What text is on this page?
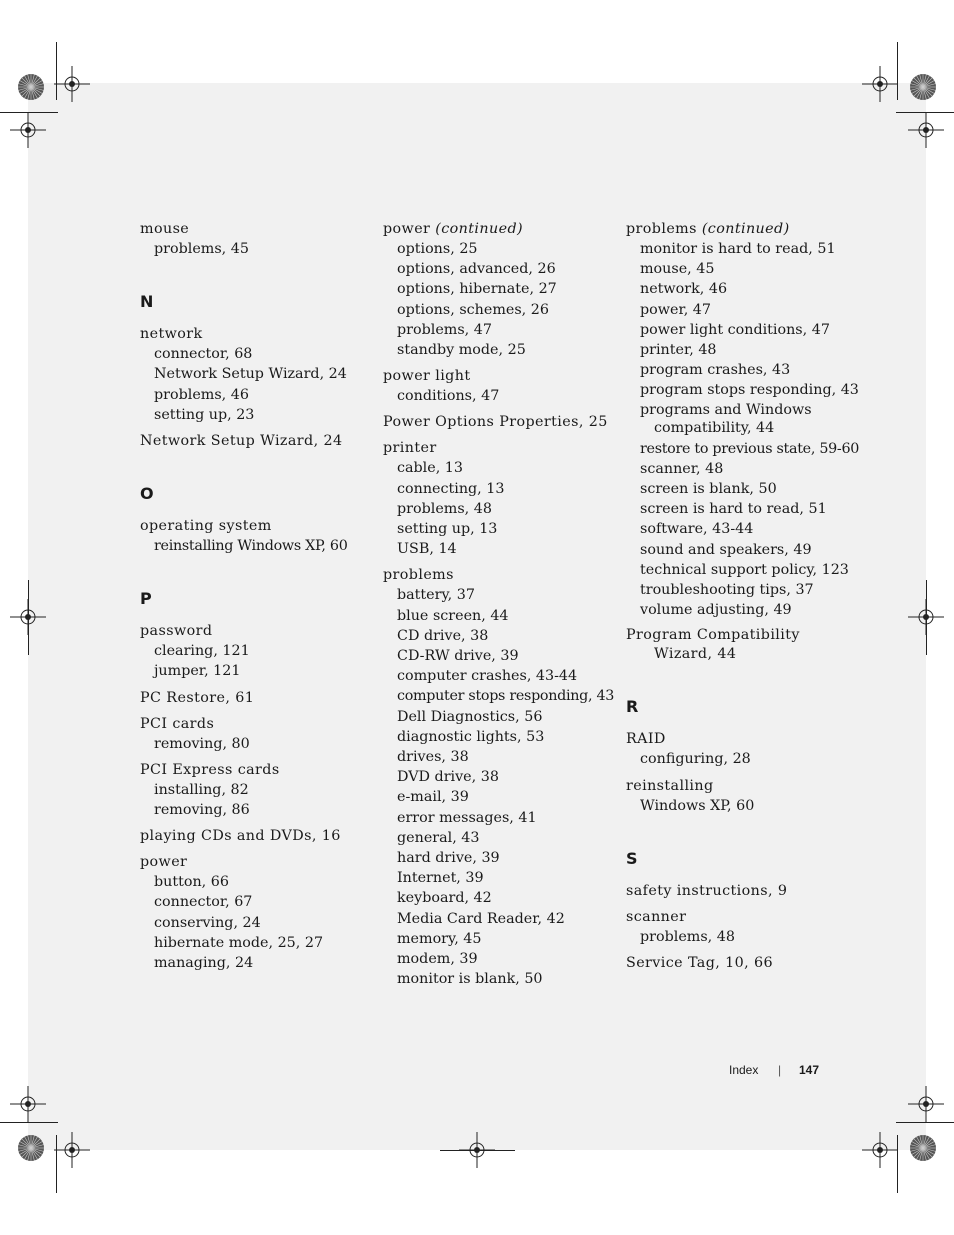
mouse
problems, 45
N
network
connector, 68
Network Setup Wizard, 24
problems, 46
setting up, 23
Network Setup Wizard, 24
O
operating system
reinstalling Windows XP, 60
P
password
clearing, 121
jumper, 121
PC Restore, 61
PCI cards
removing, 80
PCI Express cards
installing, 82
removing, 86
playing CDs and DVDs, 16
power
button, 66
connector, 67
conserving, 24
hibernate mode, 25, 27
managing, 24
power (continued)
options, 25
options, advanced, 26
options, hibernate, 27
options, schemes, 26
problems, 47
standby mode, 25
power light
conditions, 47
Power Options Properties, 25
printer
cable, 13
connecting, 13
problems, 48
setting up, 13
USB, 14
problems
battery, 37
blue screen, 44
CD drive, 38
CD-RW drive, 39
computer crashes, 43-44
computer stops responding, 43
Dell Diagnostics, 56
diagnostic lights, 53
drives, 38
DVD drive, 38
e-mail, 39
error messages, 41
general, 43
hard drive, 39
Internet, 39
keyboard, 42
Media Card Reader, 42
memory, 45
modem, 39
monitor is blank, 50
problems (continued)
monitor is hard to read, 51
mouse, 45
network, 46
power, 47
power light conditions, 47
printer, 48
program crashes, 43
program stops responding, 43
programs and Windows compatibility, 44
restore to previous state, 59-60
scanner, 48
screen is blank, 50
screen is hard to read, 51
software, 43-44
sound and speakers, 49
technical support policy, 123
troubleshooting tips, 37
volume adjusting, 49
Program Compatibility Wizard, 44
R
RAID
configuring, 28
reinstalling
Windows XP, 60
S
safety instructions, 9
scanner
problems, 48
Service Tag, 10, 66
Index | 147
